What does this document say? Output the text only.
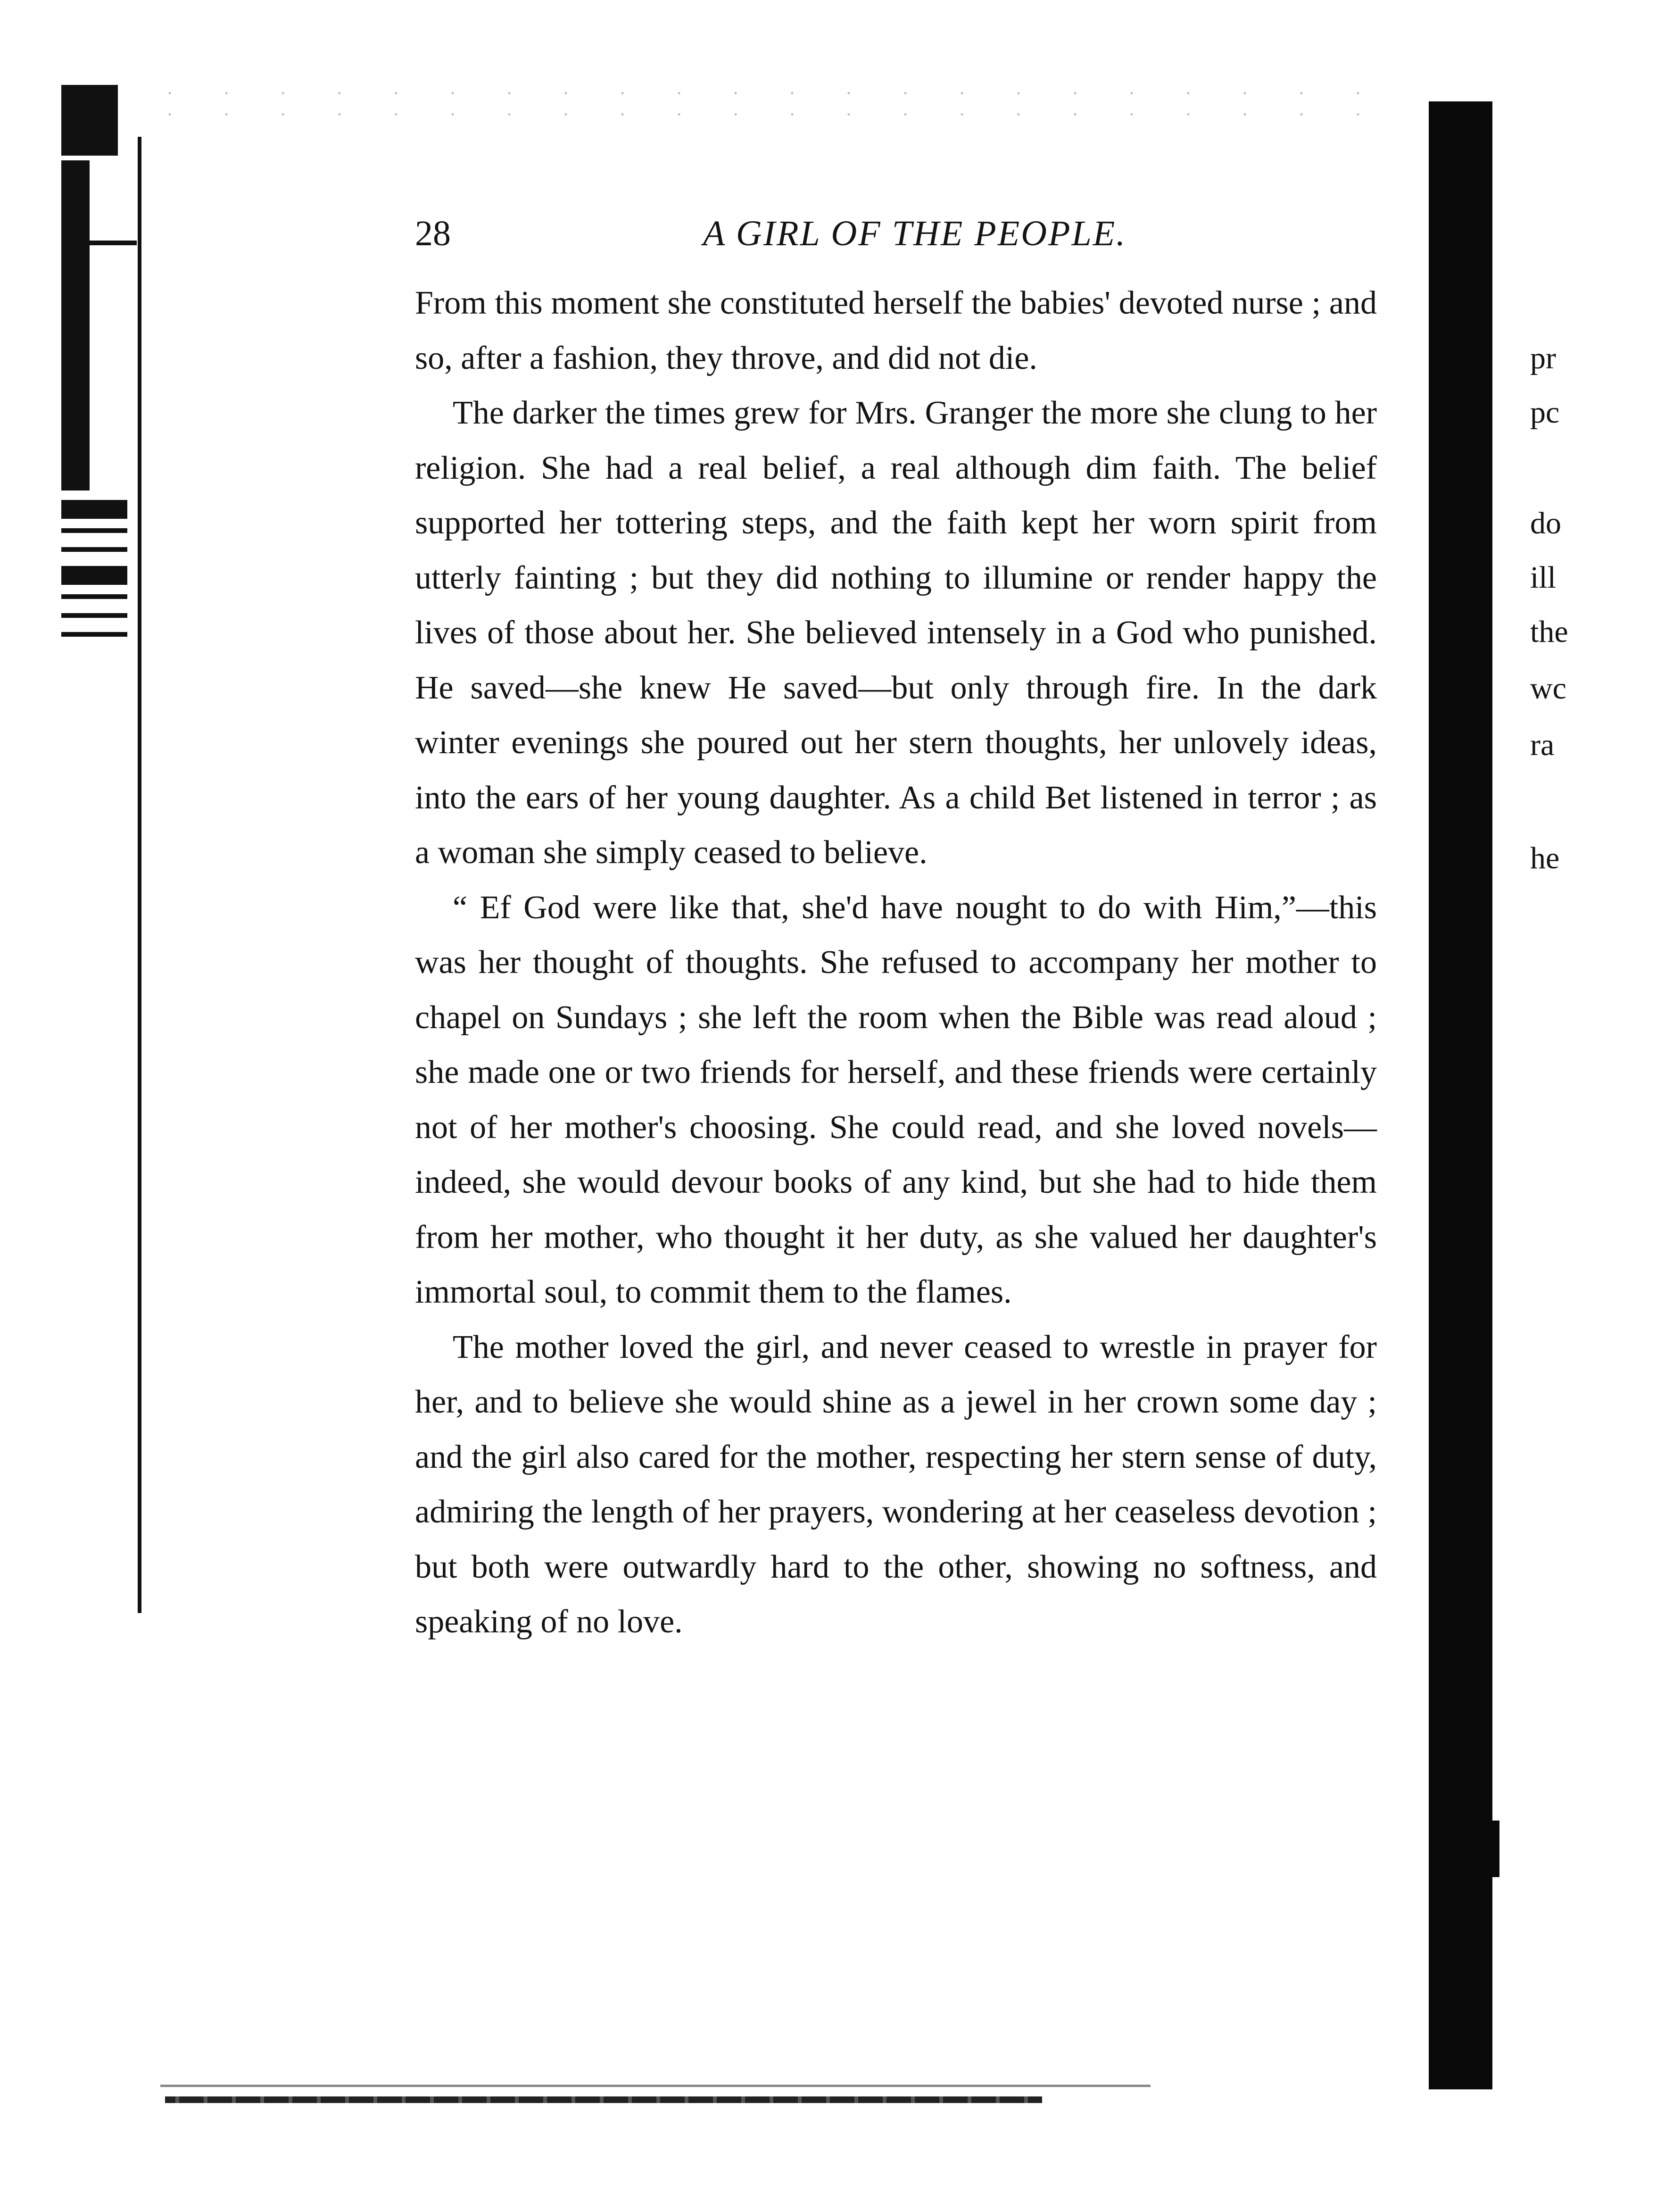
28	A GIRL OF THE PEOPLE.

From this moment she constituted herself the babies' devoted nurse ; and so, after a fashion, they throve, and did not die.

The darker the times grew for Mrs. Granger the more she clung to her religion. She had a real belief, a real although dim faith. The belief supported her tottering steps, and the faith kept her worn spirit from utterly fainting ; but they did nothing to illumine or render happy the lives of those about her. She believed intensely in a God who punished. He saved—she knew He saved—but only through fire. In the dark winter evenings she poured out her stern thoughts, her unlovely ideas, into the ears of her young daughter. As a child Bet listened in terror ; as a woman she simply ceased to believe.

“ Ef God were like that, she'd have nought to do with Him,”—this was her thought of thoughts. She refused to accompany her mother to chapel on Sundays ; she left the room when the Bible was read aloud ; she made one or two friends for herself, and these friends were certainly not of her mother's choosing. She could read, and she loved novels—indeed, she would devour books of any kind, but she had to hide them from her mother, who thought it her duty, as she valued her daughter's immortal soul, to commit them to the flames.

The mother loved the girl, and never ceased to wrestle in prayer for her, and to believe she would shine as a jewel in her crown some day ; and the girl also cared for the mother, respecting her stern sense of duty, admiring the length of her prayers, wondering at her ceaseless devotion ; but both were outwardly hard to the other, showing no softness, and speaking of no love.

pr
pc
do
ill
the
wc
ra
he
